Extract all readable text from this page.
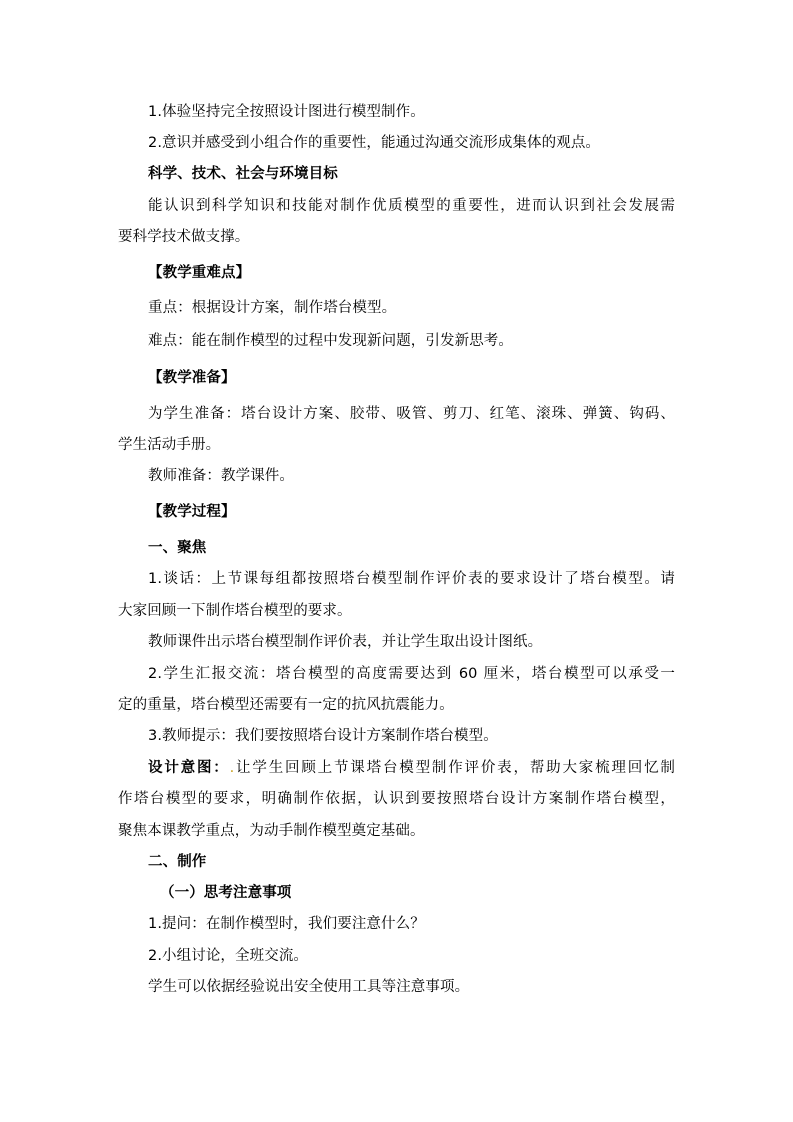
1.体验坚持完全按照设计图进行模型制作。
2.意识并感受到小组合作的重要性，能通过沟通交流形成集体的观点。
科学、技术、社会与环境目标
能认识到科学知识和技能对制作优质模型的重要性，进而认识到社会发展需
要科学技术做支撑。
【教学重难点】
重点：根据设计方案，制作塔台模型。
难点：能在制作模型的过程中发现新问题，引发新思考。
【教学准备】
为学生准备：塔台设计方案、胶带、吸管、剪刀、红笔、滚珠、弹簧、钩码、
学生活动手册。
教师准备：教学课件。
【教学过程】
一、聚焦
1.谈话：上节课每组都按照塔台模型制作评价表的要求设计了塔台模型。请
大家回顾一下制作塔台模型的要求。
教师课件出示塔台模型制作评价表，并让学生取出设计图纸。
2.学生汇报交流：塔台模型的高度需要达到 60 厘米，塔台模型可以承受一
定的重量，塔台模型还需要有一定的抗风抗震能力。
3.教师提示：我们要按照塔台设计方案制作塔台模型。
设计意图：.让学生回顾上节课塔台模型制作评价表，帮助大家梳理回忆制
作塔台模型的要求，明确制作依据，认识到要按照塔台设计方案制作塔台模型，
聚焦本课教学重点，为动手制作模型奠定基础。
二、制作
（一）思考注意事项
1.提问：在制作模型时，我们要注意什么？
2.小组讨论，全班交流。
学生可以依据经验说出安全使用工具等注意事项。
